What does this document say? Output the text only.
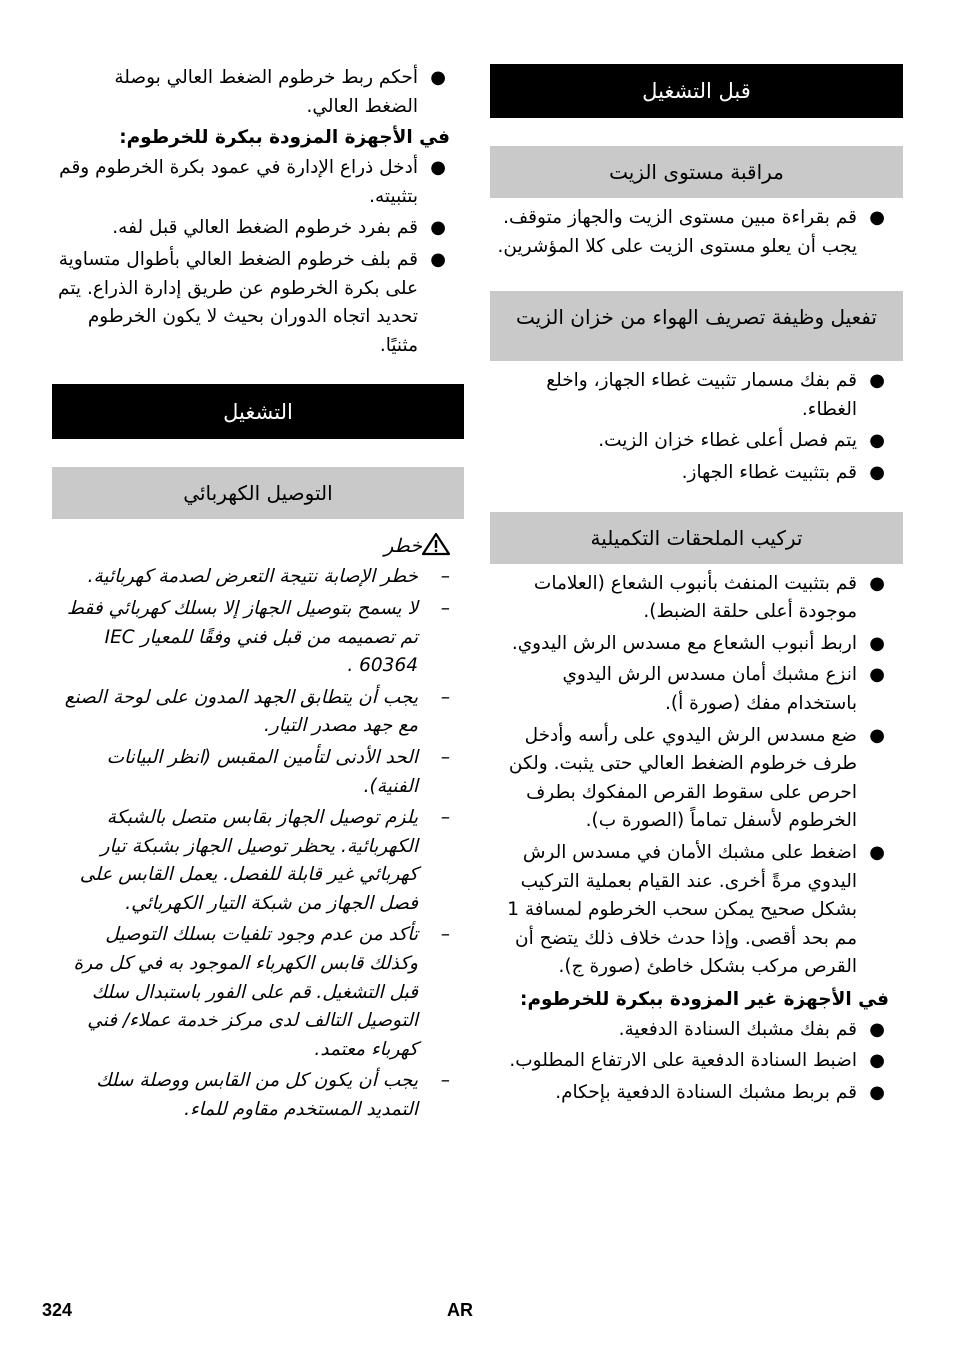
قبل التشغيل
مراقبة مستوى الزيت
●
قم بقراءة مبين مستوى الزيت والجهاز متوقف. يجب أن يعلو مستوى الزيت على كلا المؤشرين.
تفعيل وظيفة تصريف الهواء من خزان الزيت
●
قم بفك مسمار تثبيت غطاء الجهاز، واخلع الغطاء.
●
يتم فصل أعلى غطاء خزان الزيت.
●
قم بتثبيت غطاء الجهاز.
تركيب الملحقات التكميلية
●
قم بتثبيت المنفث بأنبوب الشعاع (العلامات موجودة أعلى حلقة الضبط).
●
اربط أنبوب الشعاع مع مسدس الرش اليدوي.
●
انزع مشبك أمان مسدس الرش اليدوي باستخدام مفك (صورة أ).
●
ضع مسدس الرش اليدوي على رأسه وأدخل طرف خرطوم الضغط العالي حتى يثبت. ولكن احرص على سقوط القرص المفكوك بطرف الخرطوم لأسفل تماماً (الصورة ب).
●
اضغط على مشبك الأمان في مسدس الرش اليدوي مرةً أخرى. عند القيام بعملية التركيب بشكل صحيح يمكن سحب الخرطوم لمسافة 1 مم بحد أقصى. وإذا حدث خلاف ذلك يتضح أن القرص مركب بشكل خاطئ (صورة ج).
في الأجهزة غير المزودة ببكرة للخرطوم:
●
قم بفك مشبك السنادة الدفعية.
●
اضبط السنادة الدفعية على الارتفاع المطلوب.
●
قم بربط مشبك السنادة الدفعية بإحكام.
●
أحكم ربط خرطوم الضغط العالي بوصلة الضغط العالي.
في الأجهزة المزودة ببكرة للخرطوم:
●
أدخل ذراع الإدارة في عمود بكرة الخرطوم وقم بتثبيته.
●
قم بفرد خرطوم الضغط العالي قبل لفه.
●
قم بلف خرطوم الضغط العالي بأطوال متساوية على بكرة الخرطوم عن طريق إدارة الذراع. يتم تحديد اتجاه الدوران بحيث لا يكون الخرطوم مثنيًا.
التشغيل
التوصيل الكهربائي
خطر
–
خطر الإصابة نتيجة التعرض لصدمة كهربائية.
–
لا يسمح بتوصيل الجهاز إلا بسلك كهربائي فقط تم تصميمه من قبل فني وفقًا للمعيار IEC 60364 .
–
يجب أن يتطابق الجهد المدون على لوحة الصنع مع جهد مصدر التيار.
–
الحد الأدنى لتأمين المقبس (انظر البيانات الفنية).
–
يلزم توصيل الجهاز بقابس متصل بالشبكة الكهربائية. يحظر توصيل الجهاز بشبكة تيار كهربائي غير قابلة للفصل. يعمل القابس على فصل الجهاز من شبكة التيار الكهربائي.
–
تأكد من عدم وجود تلفيات بسلك التوصيل وكذلك قابس الكهرباء الموجود به في كل مرة قبل التشغيل. قم على الفور باستبدال سلك التوصيل التالف لدى مركز خدمة عملاء/ فني كهرباء معتمد.
–
يجب أن يكون كل من القابس ووصلة سلك التمديد المستخدم مقاوم للماء.
324	AR
